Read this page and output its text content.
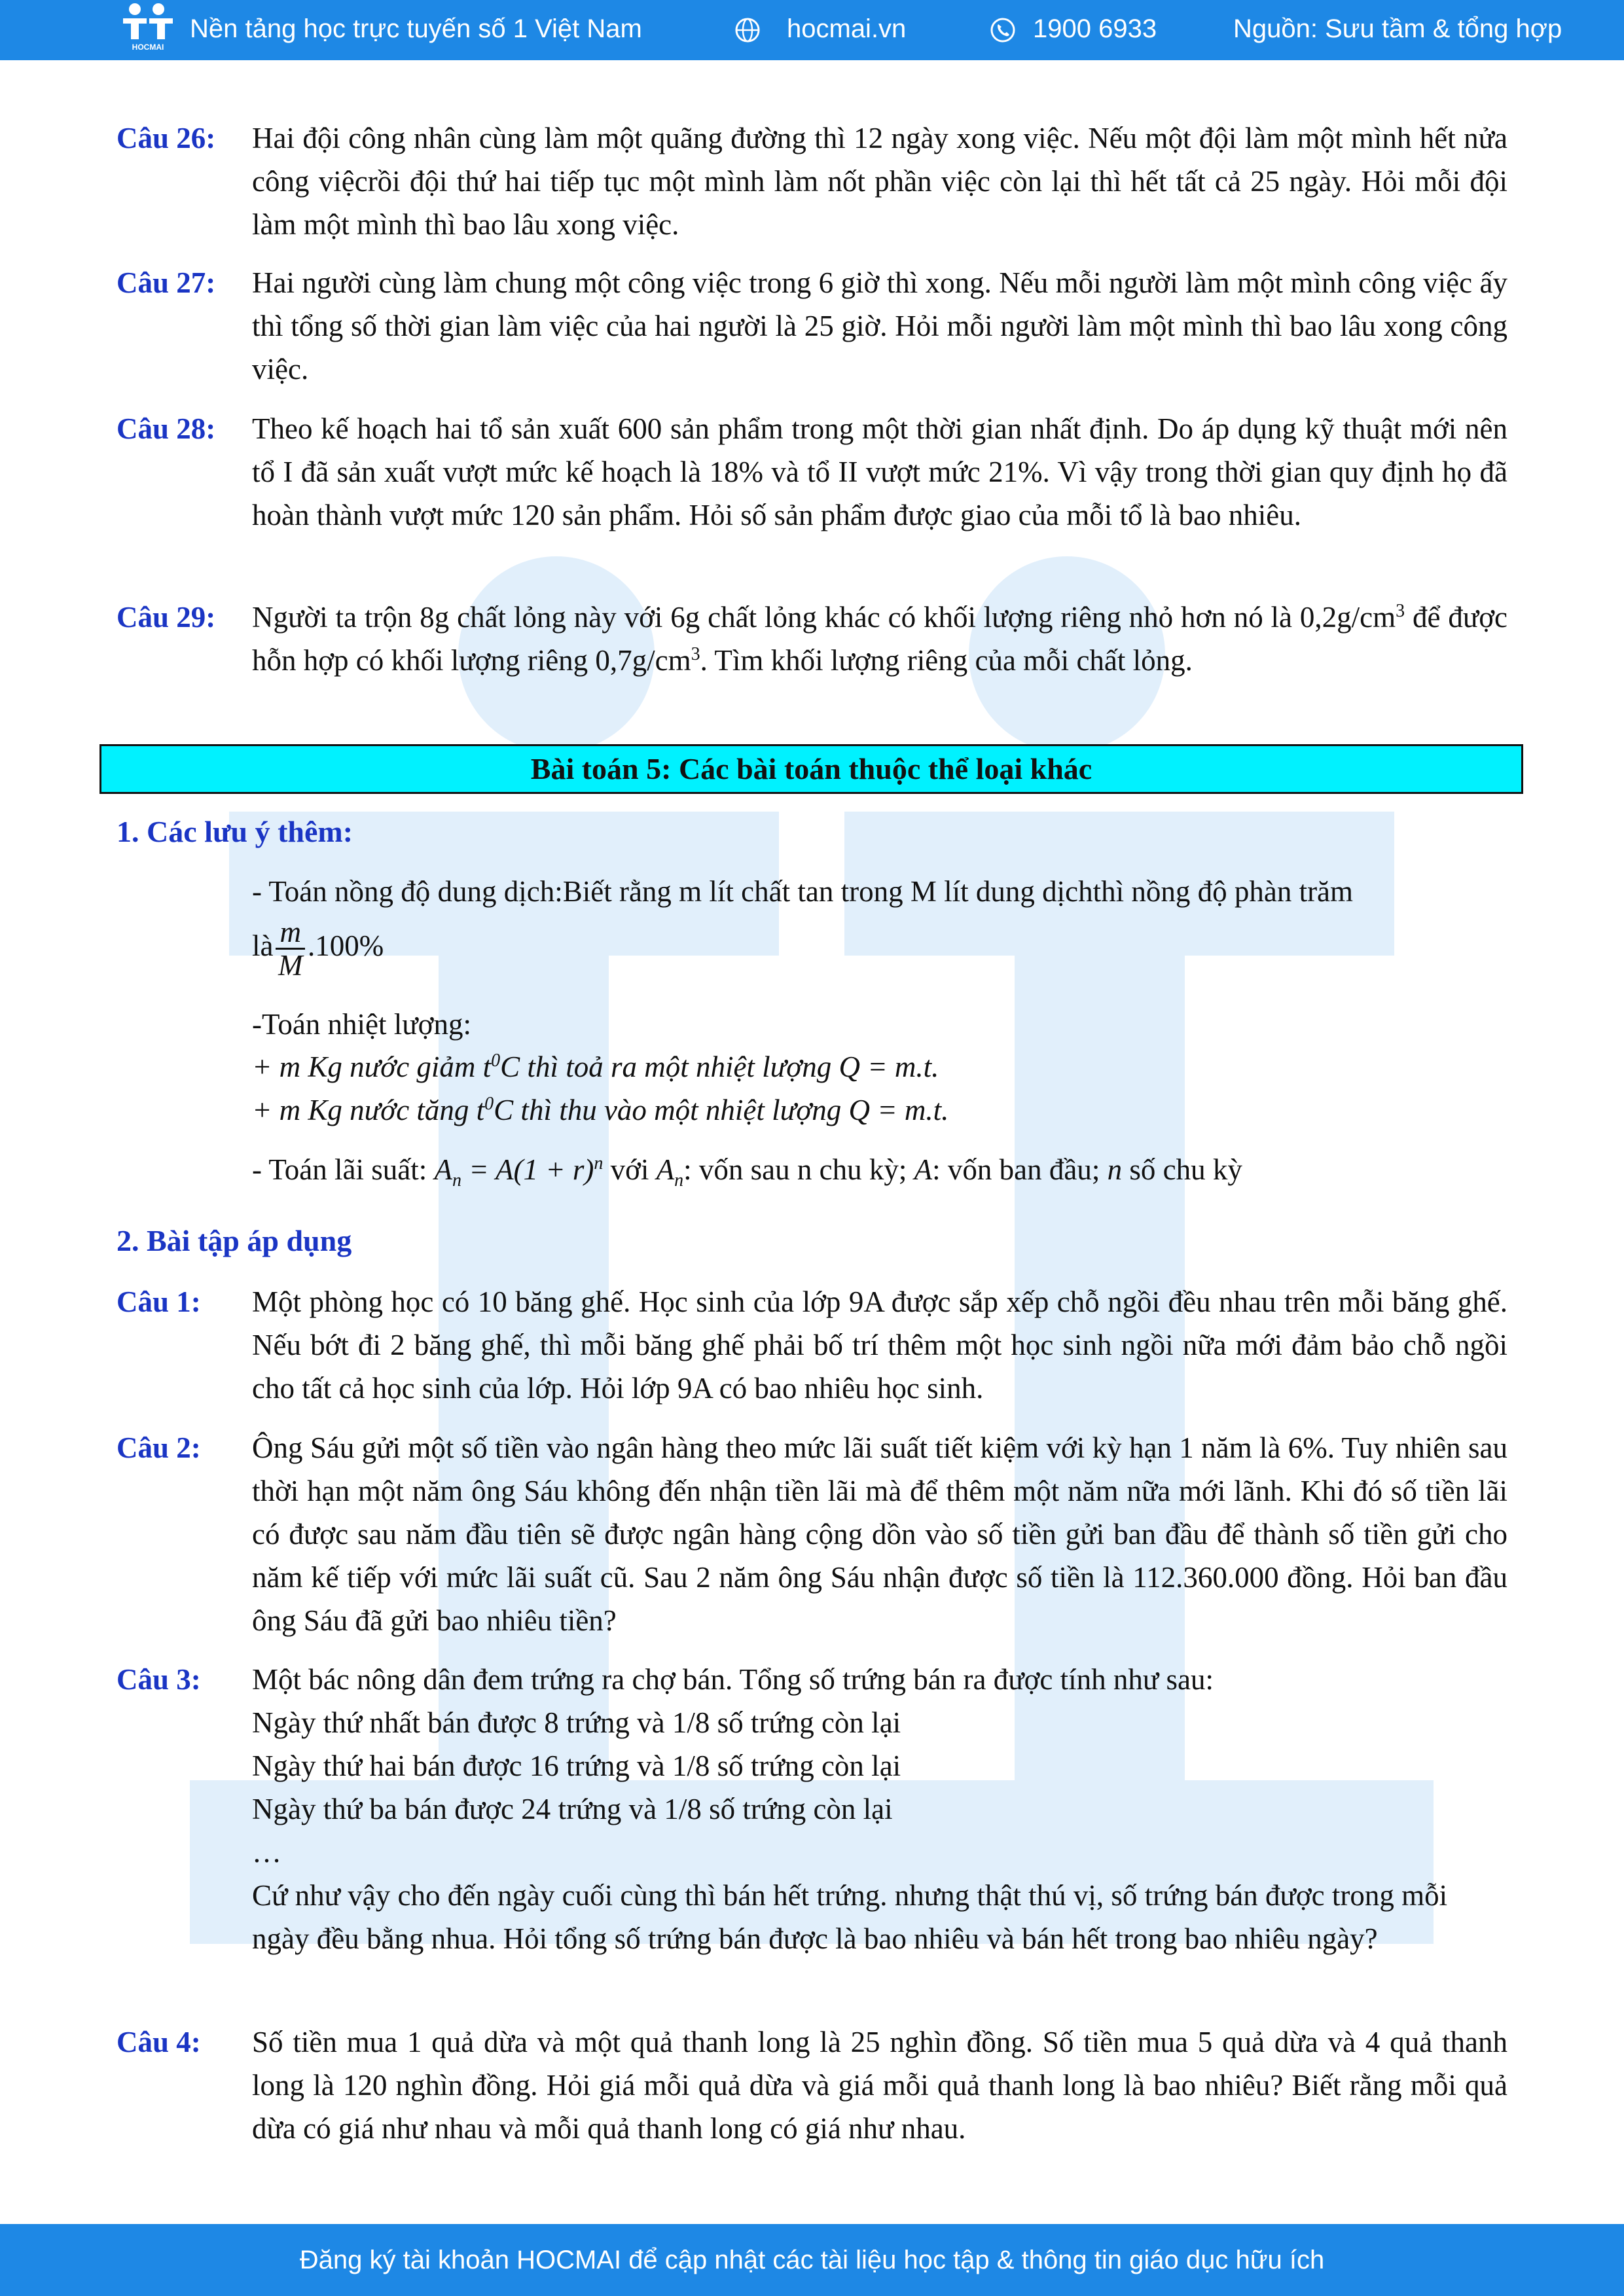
HOCMAI
Nền tảng học trực tuyến số 1 Việt Nam	hocmai.vn	1900 6933	Nguồn: Sưu tầm & tổng hợp
Câu 26: Hai đội công nhân cùng làm một quãng đường thì 12 ngày xong việc. Nếu một đội làm một mình hết nửa công việcrồi đội thứ hai tiếp tục một mình làm nốt phần việc còn lại thì hết tất cả 25 ngày. Hỏi mỗi đội làm một mình thì bao lâu xong việc.

Câu 27: Hai người cùng làm chung một công việc trong 6 giờ thì xong. Nếu mỗi người làm một mình công việc ấy thì tổng số thời gian làm việc của hai người là 25 giờ. Hỏi mỗi người làm một mình thì bao lâu xong công việc.

Câu 28: Theo kế hoạch hai tổ sản xuất 600 sản phẩm trong một thời gian nhất định. Do áp dụng kỹ thuật mới nên tổ I đã sản xuất vượt mức kế hoạch là 18% và tổ II vượt mức 21%. Vì vậy trong thời gian quy định họ đã hoàn thành vượt mức 120 sản phẩm. Hỏi số sản phẩm được giao của mỗi tổ là bao nhiêu.

Câu 29: Người ta trộn 8g chất lỏng này với 6g chất lỏng khác có khối lượng riêng nhỏ hơn nó là $0,2g/cm^3$ để được hỗn hợp có khối lượng riêng $0,7g/cm^3$. Tìm khối lượng riêng của mỗi chất lỏng.

Bài toán 5: Các bài toán thuộc thể loại khác
1. Các lưu ý thêm:
- Toán nồng độ dung dịch:Biết rằng m lít chất tan trong M lít dung dịchthì nồng độ phàn trăm
là $\frac{m}{M} .100\%$
-Toán nhiệt lượng:
+ m Kg nước giảm $t^0C$ thì toả ra một nhiệt lượng Q = m.t.
+ m Kg nước tăng $t^0C$ thì thu vào một nhiệt lượng Q = m.t.
- Toán lãi suất: $A_n = A(1 + r)^n$ với $A_n$: vốn sau n chu kỳ; A: vốn ban đầu; n số chu kỳ
2. Bài tập áp dụng
Câu 1: Một phòng học có 10 băng ghế. Học sinh của lớp 9A được sắp xếp chỗ ngồi đều nhau trên mỗi băng ghế. Nếu bớt đi 2 băng ghế, thì mỗi băng ghế phải bố trí thêm một học sinh ngồi nữa mới đảm bảo chỗ ngồi cho tất cả học sinh của lớp. Hỏi lớp 9A có bao nhiêu học sinh.

Câu 2: Ông Sáu gửi một số tiền vào ngân hàng theo mức lãi suất tiết kiệm với kỳ hạn 1 năm là 6%. Tuy nhiên sau thời hạn một năm ông Sáu không đến nhận tiền lãi mà để thêm một năm nữa mới lãnh. Khi đó số tiền lãi có được sau năm đầu tiên sẽ được ngân hàng cộng dồn vào số tiền gửi ban đầu để thành số tiền gửi cho năm kế tiếp với mức lãi suất cũ. Sau 2 năm ông Sáu nhận được số tiền là 112.360.000 đồng. Hỏi ban đầu ông Sáu đã gửi bao nhiêu tiền?

Câu 3: Một bác nông dân đem trứng ra chợ bán. Tổng số trứng bán ra được tính như sau:

Ngày thứ nhất bán được 8 trứng và 1/8 số trứng còn lại

Ngày thứ hai bán được 16 trứng và 1/8 số trứng còn lại

Ngày thứ ba bán được 24 trứng và 1/8 số trứng còn lại

…

Cứ như vậy cho đến ngày cuối cùng thì bán hết trứng. nhưng thật thú vị, số trứng bán được trong mỗi ngày đều bằng nhua. Hỏi tổng số trứng bán được là bao nhiêu và bán hết trong bao nhiêu ngày?

Câu 4: Số tiền mua 1 quả dừa và một quả thanh long là 25 nghìn đồng. Số tiền mua 5 quả dừa và 4 quả thanh long là 120 nghìn đồng. Hỏi giá mỗi quả dừa và giá mỗi quả thanh long là bao nhiêu? Biết rằng mỗi quả dừa có giá như nhau và mỗi quả thanh long có giá như nhau.

Đăng ký tài khoản HOCMAI để cập nhật các tài liệu học tập & thông tin giáo dục hữu ích
